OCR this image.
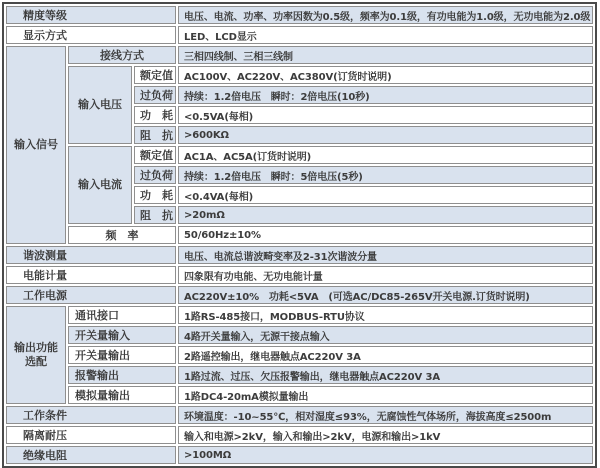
精度等级			电压、电流、功率、功率因数为0.5级，频率为0.1级，有功电能为1.0级，无功电能为2.0级
显示方式			LED、LCD显示
输入信号	接线方式		三相四线制、三相三线制
	输入电压	额定值	AC100V、AC220V、AC380V(订货时说明)
		过负荷	持续：1.2倍电压　瞬时：2倍电压(10秒)
		功　耗	<0.5VA(每相)
		阻　抗	>600KΩ
	输入电流	额定值	AC1A、AC5A(订货时说明)
		过负荷	持续：1.2倍电压　瞬时：5倍电压(5秒)
		功　耗	<0.4VA(每相)
		阻　抗	>20mΩ
	频　率		50/60Hz±10%
谐波测量			电压、电流总谐波畸变率及2-31次谐波分量
电能计量			四象限有功电能、无功电能计量
工作电源			AC220V±10%　功耗<5VA　(可选AC/DC85-265V开关电源.订货时说明)
输出功能 选配	通讯接口		1路RS-485接口，MODBUS-RTU协议
	开关量输入		4路开关量输入，无源干接点输入
	开关量输出		2路遥控输出，继电器触点AC220V 3A
	报警输出		1路过流、过压、欠压报警输出，继电器触点AC220V 3A
	模拟量输出		1路DC4-20mA模拟量输出
工作条件			环境温度：-10~55℃，相对湿度≤93%，无腐蚀性气体场所，海拔高度≤2500m
隔离耐压			输入和电源>2kV，输入和输出>2kV，电源和输出>1kV
绝缘电阻			>100MΩ
